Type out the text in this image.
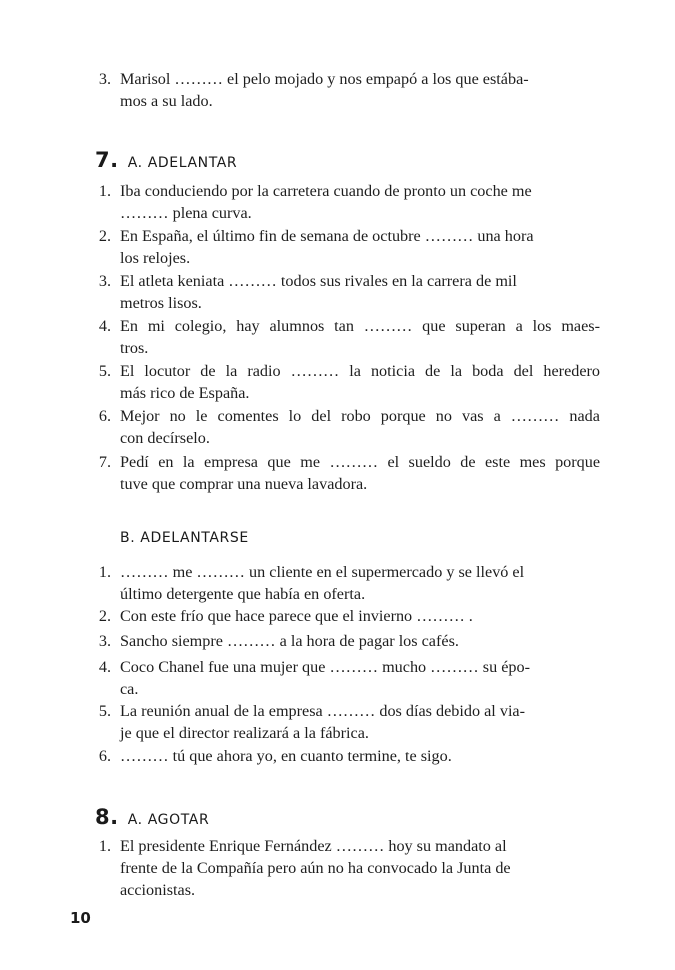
3. Marisol ……… el pelo mojado y nos empapó a los que estába-
mos a su lado.
7. A. ADELANTAR
1. Iba conduciendo por la carretera cuando de pronto un coche me
……… plena curva.
2. En España, el último fin de semana de octubre ……… una hora
los relojes.
3. El atleta keniata ……… todos sus rivales en la carrera de mil
metros lisos.
4. En mi colegio, hay alumnos tan ……… que superan a los maes-
tros.
5. El locutor de la radio ……… la noticia de la boda del heredero
más rico de España.
6. Mejor no le comentes lo del robo porque no vas a ……… nada
con decírselo.
7. Pedí en la empresa que me ……… el sueldo de este mes porque
tuve que comprar una nueva lavadora.
B. ADELANTARSE
1. ……… me ……… un cliente en el supermercado y se llevó el
último detergente que había en oferta.
2. Con este frío que hace parece que el invierno ……… .
3. Sancho siempre ……… a la hora de pagar los cafés.
4. Coco Chanel fue una mujer que ……… mucho ……… su épo-
ca.
5. La reunión anual de la empresa ……… dos días debido al via-
je que el director realizará a la fábrica.
6. ……… tú que ahora yo, en cuanto termine, te sigo.
8. A. AGOTAR
1. El presidente Enrique Fernández ……… hoy su mandato al
frente de la Compañía pero aún no ha convocado la Junta de
accionistas.
10
